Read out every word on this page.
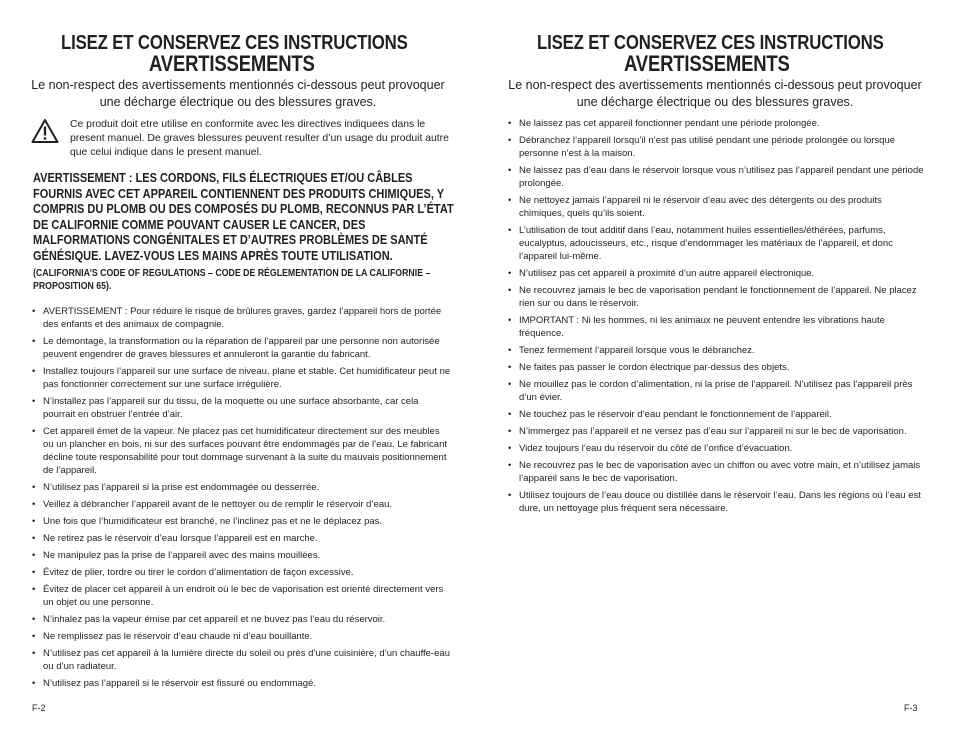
LISEZ ET CONSERVEZ CES INSTRUCTIONS
AVERTISSEMENTS

Le non-respect des avertissements mentionnés ci-dessous peut provoquer une décharge électrique ou des blessures graves.

Ce produit doit etre utilise en conformite avec les directives indiquees dans le present manuel. De graves blessures peuvent resulter d’un usage du produit autre que celui indique dans le present manuel.

AVERTISSEMENT : LES CORDONS, FILS ÉLECTRIQUES ET/OU CÂBLES FOURNIS AVEC CET APPAREIL CONTIENNENT DES PRODUITS CHIMIQUES, Y COMPRIS DU PLOMB OU DES COMPOSÉS DU PLOMB, RECONNUS PAR L’ÉTAT DE CALIFORNIE COMME POUVANT CAUSER LE CANCER, DES MALFORMATIONS CONGÉNITALES ET D’AUTRES PROBLÈMES DE SANTÉ GÉNÉSIQUE. LAVEZ-VOUS LES MAINS APRÈS TOUTE UTILISATION.

(CALIFORNIA’S CODE OF REGULATIONS – CODE DE RÉGLEMENTATION DE LA CALIFORNIE – PROPOSITION 65).

• AVERTISSEMENT : Pour réduire le risque de brûlures graves, gardez l’appareil hors de portée des enfants et des animaux de compagnie.
• Le démontage, la transformation ou la réparation de l’appareil par une personne non autorisée peuvent engendrer de graves blessures et annuleront la garantie du fabricant.
• Installez toujours l’appareil sur une surface de niveau, plane et stable. Cet humidificateur peut ne pas fonctionner correctement sur une surface irrégulière.
• N’installez pas l’appareil sur du tissu, de la moquette ou une surface absorbante, car cela pourrait en obstruer l’entrée d’air.
• Cet appareil émet de la vapeur. Ne placez pas cet humidificateur directement sur des meubles ou un plancher en bois, ni sur des surfaces pouvant être endommagés par de l’eau. Le fabricant décline toute responsabilité pour tout dommage survenant à la suite du mauvais positionnement de l’appareil.
• N’utilisez pas l’appareil si la prise est endommagée ou desserrée.
• Veillez à débrancher l’appareil avant de le nettoyer ou de remplir le réservoir d’eau.
• Une fois que l’humidificateur est branché, ne l’inclinez pas et ne le déplacez pas.
• Ne retirez pas le réservoir d’eau lorsque l’appareil est en marche.
• Ne manipulez pas la prise de l’appareil avec des mains mouillées.
• Évitez de plier, tordre ou tirer le cordon d’alimentation de façon excessive.
• Évitez de placer cet appareil à un endroit où le bec de vaporisation est orienté directement vers un objet ou une personne.
• N’inhalez pas la vapeur émise par cet appareil et ne buvez pas l’eau du réservoir.
• Ne remplissez pas le réservoir d’eau chaude ni d’eau bouillante.
• N’utilisez pas cet appareil à la lumière directe du soleil ou près d’une cuisinière, d’un chauffe-eau ou d’un radiateur.
• N’utilisez pas l’appareil si le réservoir est fissuré ou endommagé.

F-2

LISEZ ET CONSERVEZ CES INSTRUCTIONS
AVERTISSEMENTS

Le non-respect des avertissements mentionnés ci-dessous peut provoquer une décharge électrique ou des blessures graves.

• Ne laissez pas cet appareil fonctionner pendant une période prolongée.
• Débranchez l’appareil lorsqu’il n’est pas utilisé pendant une période prolongée ou lorsque personne n’est à la maison.
• Ne laissez pas d’eau dans le réservoir lorsque vous n’utilisez pas l’appareil pendant une période prolongée.
• Ne nettoyez jamais l’appareil ni le réservoir d’eau avec des détergents ou des produits chimiques, quels qu’ils soient.
• L’utilisation de tout additif dans l’eau, notamment huiles essentielles/éthérées, parfums, eucalyptus, adoucisseurs, etc., risque d’endommager les matériaux de l’appareil, et donc l’appareil lui-même.
• N’utilisez pas cet appareil à proximité d’un autre appareil électronique.
• Ne recouvrez jamais le bec de vaporisation pendant le fonctionnement de l’appareil. Ne placez rien sur ou dans le réservoir.
• IMPORTANT : Ni les hommes, ni les animaux ne peuvent entendre les vibrations haute fréquence.
• Tenez fermement l’appareil lorsque vous le débranchez.
• Ne faites pas passer le cordon électrique par-dessus des objets.
• Ne mouillez pas le cordon d’alimentation, ni la prise de l’appareil. N’utilisez pas l’appareil près d’un évier.
• Ne touchez pas le réservoir d’eau pendant le fonctionnement de l’appareil.
• N’immergez pas l’appareil et ne versez pas d’eau sur l’appareil ni sur le bec de vaporisation.
• Videz toujours l’eau du réservoir du côté de l’orifice d’évacuation.
• Ne recouvrez pas le bec de vaporisation avec un chiffon ou avec votre main, et n’utilisez jamais l’appareil sans le bec de vaporisation.
• Utilisez toujours de l’eau douce ou distillée dans le réservoir l’eau. Dans les régions où l’eau est dure, un nettoyage plus fréquent sera nécessaire.

F-3
